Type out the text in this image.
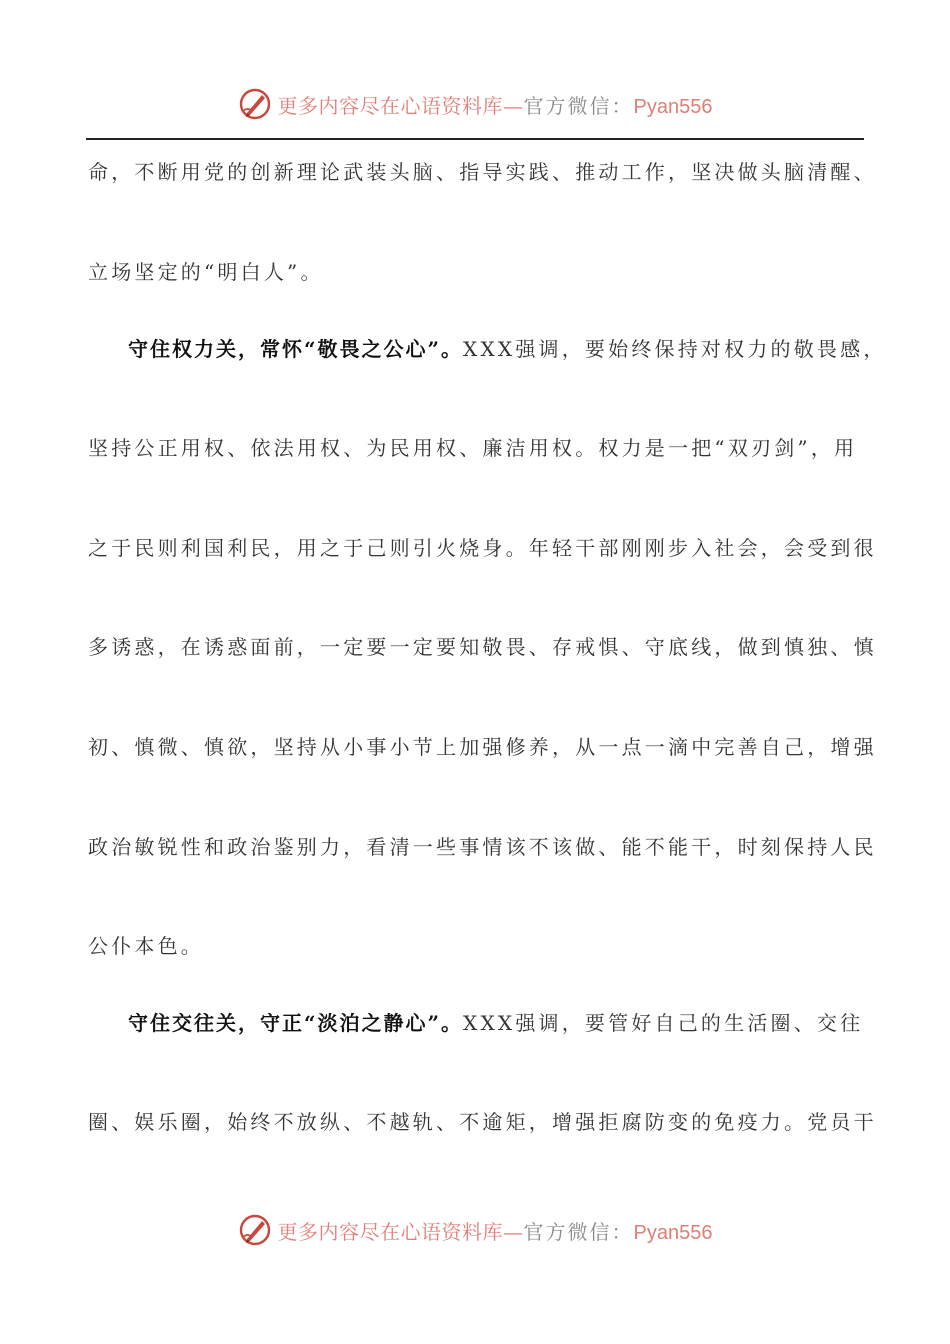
更多内容尽在心语资料库—官方微信：Pyan556
命，不断用党的创新理论武装头脑、指导实践、推动工作，坚决做头脑清醒、
立场坚定的“明白人”。
守住权力关，常怀“敬畏之公心”。XXX强调，要始终保持对权力的敬畏感，
坚持公正用权、依法用权、为民用权、廉洁用权。权力是一把“双刃剑”，用
之于民则利国利民，用之于己则引火烧身。年轻干部刚刚步入社会，会受到很
多诱惑，在诱惑面前，一定要一定要知敬畏、存戒惧、守底线，做到慎独、慎
初、慎微、慎欲，坚持从小事小节上加强修养，从一点一滴中完善自己，增强
政治敏锐性和政治鉴别力，看清一些事情该不该做、能不能干，时刻保持人民
公仆本色。
守住交往关，守正“淡泊之静心”。XXX强调，要管好自己的生活圈、交往
圈、娱乐圈，始终不放纵、不越轨、不逾矩，增强拒腐防变的免疫力。党员干
更多内容尽在心语资料库—官方微信：Pyan556
